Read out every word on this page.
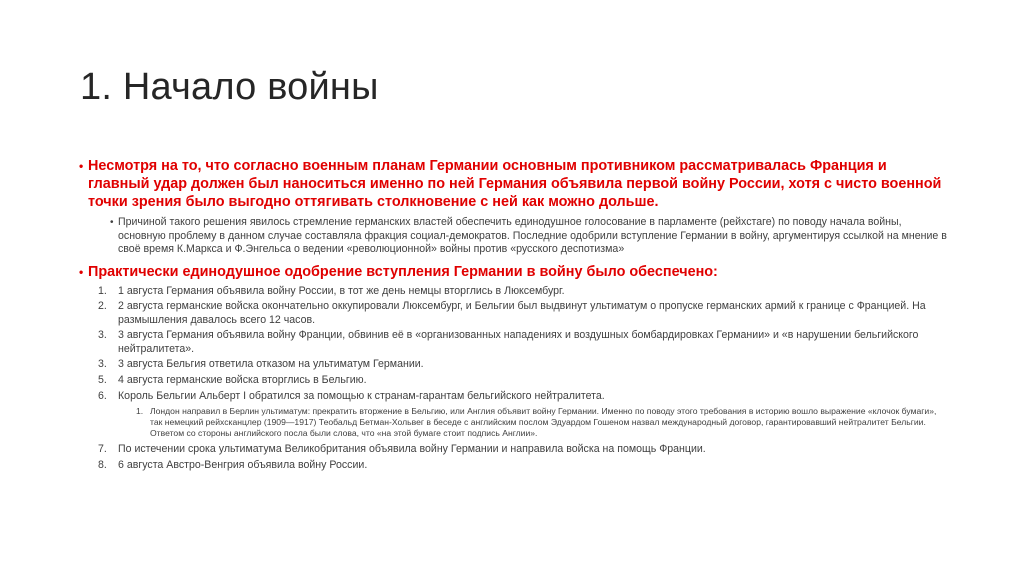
1. Начало войны
• Несмотря на то, что согласно военным планам Германии основным противником рассматривалась Франция и главный удар должен был наноситься именно по ней Германия объявила первой войну России, хотя с чисто военной точки зрения было выгодно оттягивать столкновение с ней как можно дольше.
• Причиной такого решения явилось стремление германских властей обеспечить единодушное голосование в парламенте (рейхстаге) по поводу начала войны, основную проблему в данном случае составляла фракция социал-демократов. Последние одобрили вступление Германии в войну, аргументируя ссылкой на мнение в своё время К.Маркса и Ф.Энгельса о ведении «революционной» войны против «русского деспотизма»
• Практически единодушное одобрение вступления Германии в войну было обеспечено:
1. 1 августа Германия объявила войну России, в тот же день немцы вторглись в Люксембург.
2. 2 августа германские войска окончательно оккупировали Люксембург, и Бельгии был выдвинут ультиматум о пропуске германских армий к границе с Францией. На размышления давалось всего 12 часов.
3. 3 августа Германия объявила войну Франции, обвинив её в «организованных нападениях и воздушных бомбардировках Германии» и «в нарушении бельгийского нейтралитета».
3. 3 августа Бельгия ответила отказом на ультиматум Германии.
5. 4 августа германские войска вторглись в Бельгию.
6. Король Бельгии Альберт I обратился за помощью к странам-гарантам бельгийского нейтралитета.
1. Лондон направил в Берлин ультиматум: прекратить вторжение в Бельгию, или Англия объявит войну Германии. Именно по поводу этого требования в историю вошло выражение «клочок бумаги», так немецкий рейхсканцлер (1909—1917) Теобальд Бетман-Хольвег в беседе с английским послом Эдуардом Гошеном назвал международный договор, гарантировавший нейтралитет Бельгии. Ответом со стороны английского посла были слова, что «на этой бумаге стоит подпись Англии».
7. По истечении срока ультиматума Великобритания объявила войну Германии и направила войска на помощь Франции.
8. 6 августа Австро-Венгрия объявила войну России.
